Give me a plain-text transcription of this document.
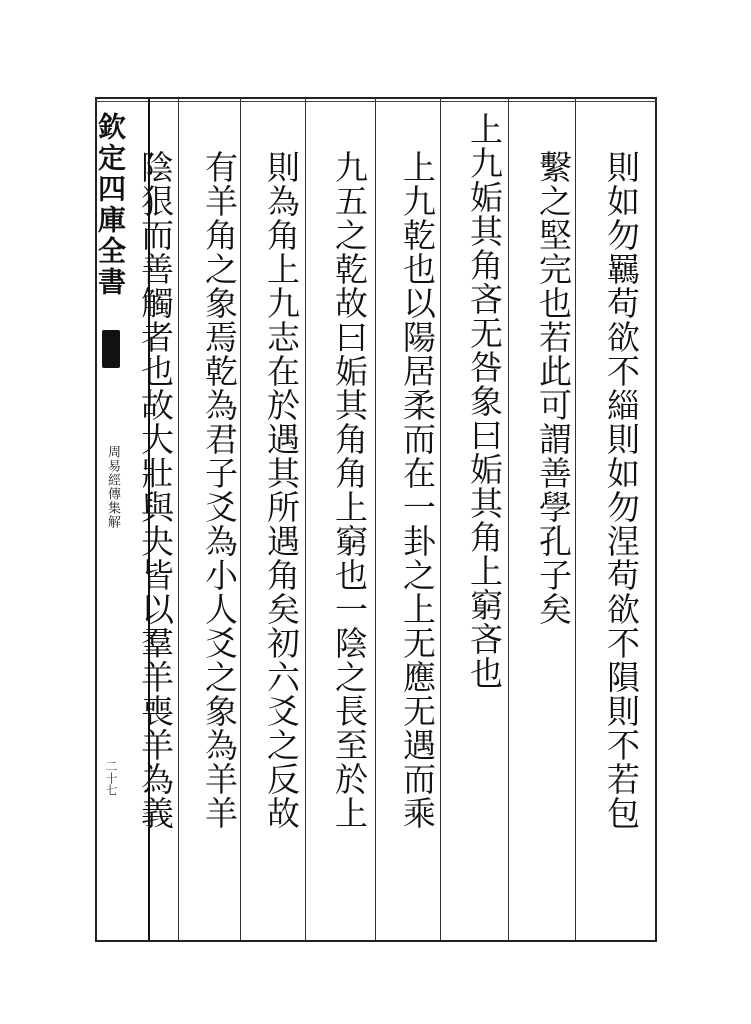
欽定四庫全書
周易經傳集解
二十七	則如勿羈苟欲不緇則如勿涅苟欲不隕則不若包
繫之堅完也若此可謂善學孔子矣
上九姤其角吝无咎象曰姤其角上窮吝也
上九乾也以陽居柔而在一卦之上无應无遇而乘
九五之乾故曰姤其角角上窮也一陰之長至於上
則為角上九志在於遇其所遇角矣初六爻之反故
有羊角之象焉乾為君子爻為小人爻之象為羊羊
陰狠而善觸者也故大壯與夬皆以羣羊喪羊為義
